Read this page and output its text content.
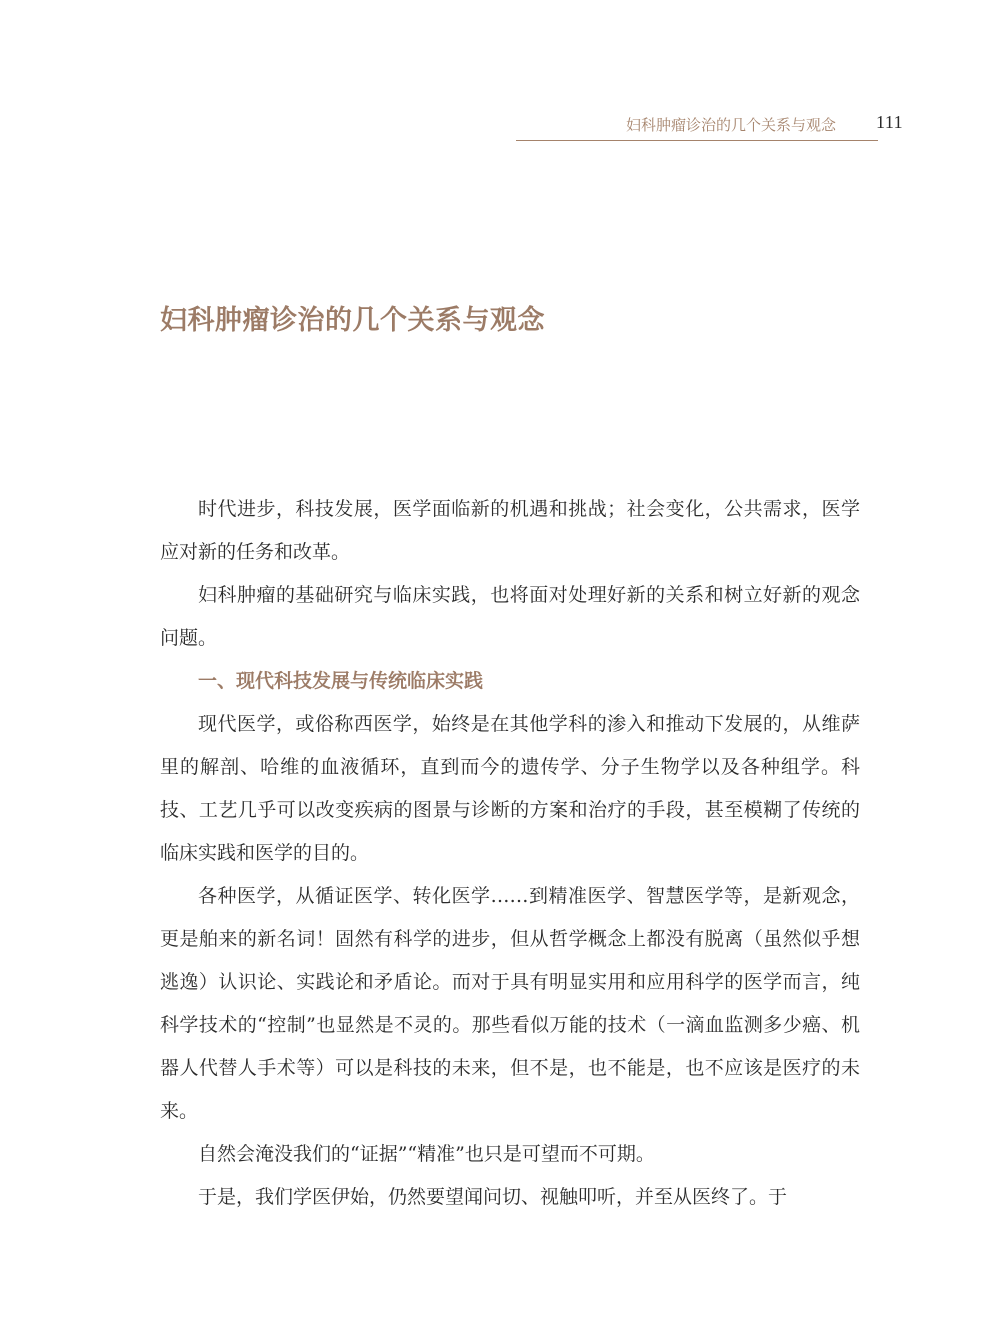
妇科肿瘤诊治的几个关系与观念 111
妇科肿瘤诊治的几个关系与观念

时代进步，科技发展，医学面临新的机遇和挑战；社会变化，公共需求，医学应对新的任务和改革。

妇科肿瘤的基础研究与临床实践，也将面对处理好新的关系和树立好新的观念问题。

一、现代科技发展与传统临床实践

现代医学，或俗称西医学，始终是在其他学科的渗入和推动下发展的，从维萨里的解剖、哈维的血液循环，直到而今的遗传学、分子生物学以及各种组学。科技、工艺几乎可以改变疾病的图景与诊断的方案和治疗的手段，甚至模糊了传统的临床实践和医学的目的。

各种医学，从循证医学、转化医学……到精准医学、智慧医学等，是新观念，更是舶来的新名词！固然有科学的进步，但从哲学概念上都没有脱离（虽然似乎想逃逸）认识论、实践论和矛盾论。而对于具有明显实用和应用科学的医学而言，纯科学技术的“控制”也显然是不灵的。那些看似万能的技术（一滴血监测多少癌、机器人代替人手术等）可以是科技的未来，但不是，也不能是，也不应该是医疗的未来。

自然会淹没我们的“证据”“精准”也只是可望而不可期。

于是，我们学医伊始，仍然要望闻问切、视触叩听，并至从医终了。于
